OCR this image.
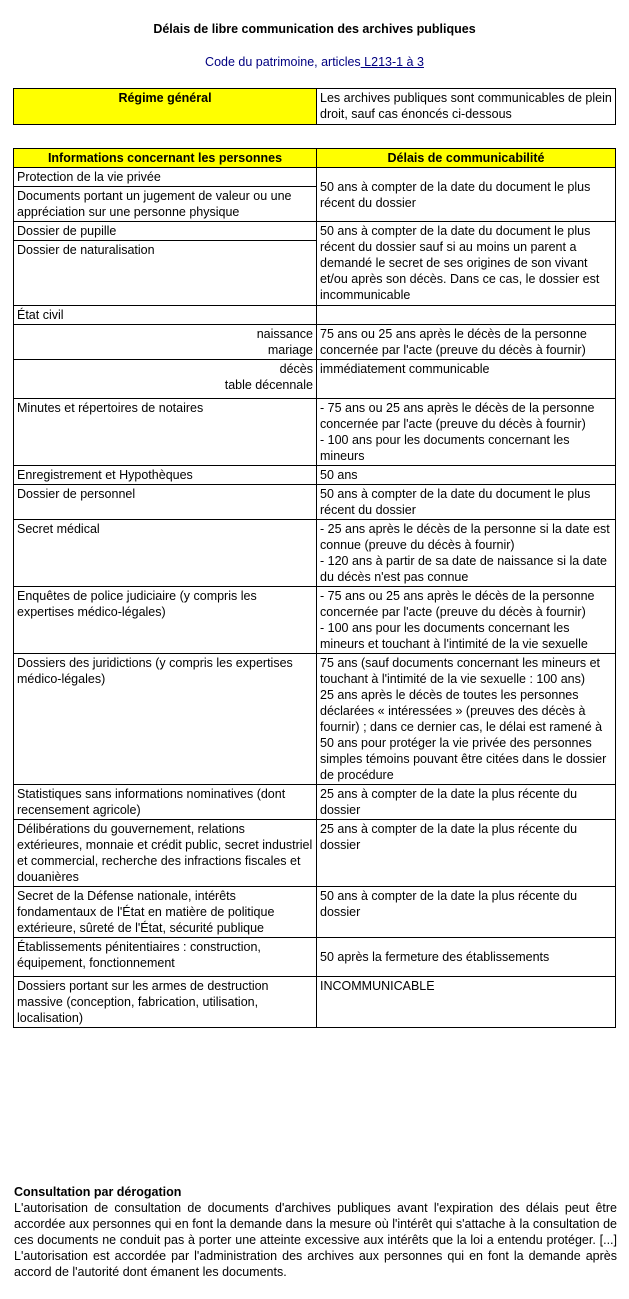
Délais de libre communication des archives publiques
Code du patrimoine, articles L213-1 à 3
Régime général	Les archives publiques sont communicables de plein droit, sauf cas énoncés ci-dessous
Informations concernant les personnes	Délais de communicabilité
Protection de la vie privée	50 ans à compter de la date du document le plus récent du dossier
Documents portant un jugement de valeur ou une appréciation sur une personne physique	
Dossier de pupille	50 ans à compter de la date du document le plus récent du dossier sauf si au moins un parent a demandé le secret de ses origines de son vivant et/ou après son décès. Dans ce cas, le dossier est incommunicable
Dossier de naturalisation	
État civil	
naissance
mariage	75 ans ou 25 ans après le décès de la personne concernée par l'acte (preuve du décès à fournir)
décès
table décennale	immédiatement communicable
Minutes et répertoires de notaires	- 75 ans ou 25 ans après le décès de la personne concernée par l'acte (preuve du décès à fournir)
- 100 ans pour les documents concernant les mineurs

Enregistrement et Hypothèques	50 ans
Dossier de personnel	50 ans à compter de la date du document le plus récent du dossier
Secret médical	- 25 ans après le décès de la personne si la date est connue (preuve du décès à fournir)
- 120 ans à partir de sa date de naissance si la date du décès n'est pas connue

Enquêtes de police judiciaire (y compris les expertises médico-légales)	- 75 ans ou 25 ans après le décès de la personne concernée par l'acte (preuve du décès à fournir)
- 100 ans pour les documents concernant les mineurs et touchant à l'intimité de la vie sexuelle

Dossiers des juridictions (y compris les expertises médico-légales)	75 ans (sauf documents concernant les mineurs et touchant à l'intimité de la vie sexuelle : 100 ans)
25 ans après le décès de toutes les personnes déclarées « intéressées » (preuves des décès à fournir) ; dans ce dernier cas, le délai est ramené à 50 ans pour protéger la vie privée des personnes simples témoins pouvant être citées dans le dossier de procédure

Statistiques sans informations nominatives (dont recensement agricole)	25 ans à compter de la date la plus récente du dossier
Délibérations du gouvernement, relations extérieures, monnaie et crédit public, secret industriel et commercial, recherche des infractions fiscales et douanières	25 ans à compter de la date la plus récente du dossier
Secret de la Défense nationale, intérêts fondamentaux de l'État en matière de politique extérieure, sûreté de l'État, sécurité publique	50 ans à compter de la date la plus récente du dossier
Établissements pénitentiaires : construction, équipement, fonctionnement	50 après la fermeture des établissements
Dossiers portant sur les armes de destruction massive (conception, fabrication, utilisation, localisation)	INCOMMUNICABLE
Consultation par dérogation
L'autorisation de consultation de documents d'archives publiques avant l'expiration des délais peut être accordée aux personnes qui en font la demande dans la mesure où l'intérêt qui s'attache à la consultation de ces documents ne conduit pas à porter une atteinte excessive aux intérêts que la loi a entendu protéger. [...] L'autorisation est accordée par l'administration des archives aux personnes qui en font la demande après accord de l'autorité dont émanent les documents.
